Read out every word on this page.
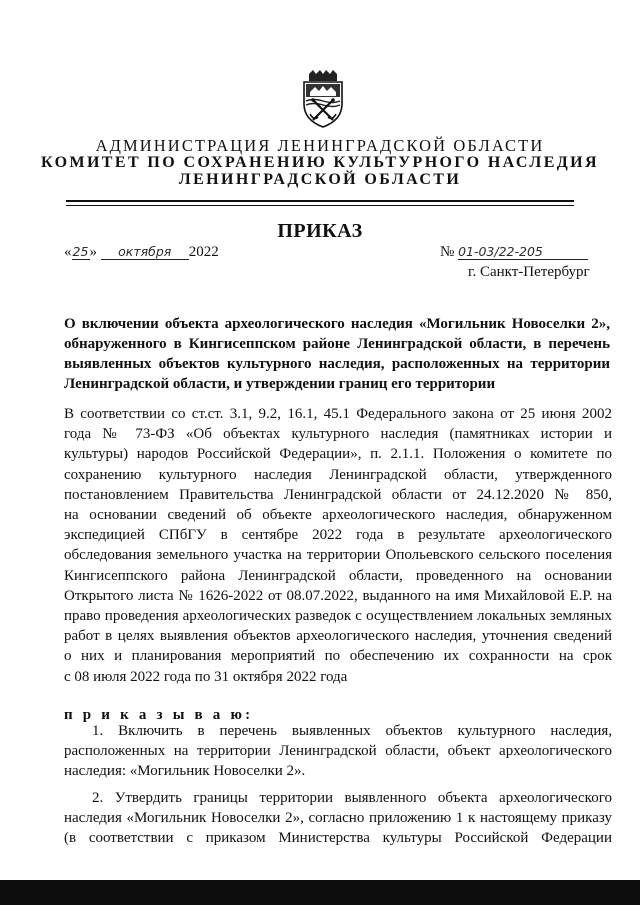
АДМИНИСТРАЦИЯ ЛЕНИНГРАДСКОЙ ОБЛАСТИ
КОМИТЕТ ПО СОХРАНЕНИЮ КУЛЬТУРНОГО НАСЛЕДИЯ
ЛЕНИНГРАДСКОЙ ОБЛАСТИ
ПРИКАЗ
«25» октября 2022	№ 01-03/22-205
г. Санкт-Петербург
О включении объекта археологического наследия «Могильник Новоселки 2»,
обнаруженного в Кингисеппском районе Ленинградской области, в перечень
выявленных объектов культурного наследия, расположенных на территории
Ленинградской области, и утверждении границ его территории
В соответствии со ст.ст. 3.1, 9.2, 16.1, 45.1 Федерального закона от 25 июня 2002
года № 73-ФЗ «Об объектах культурного наследия (памятниках истории и
культуры) народов Российской Федерации», п. 2.1.1. Положения о комитете по
сохранению культурного наследия Ленинградской области, утвержденного
постановлением Правительства Ленинградской области от 24.12.2020 № 850,
на основании сведений об объекте археологического наследия, обнаруженном
экспедицией СПбГУ в сентябре 2022 года в результате археологического
обследования земельного участка на территории Опольевского сельского поселения
Кингисеппского района Ленинградской области, проведенного на основании
Открытого листа № 1626-2022 от 08.07.2022, выданного на имя Михайловой Е.Р. на
право проведения археологических разведок с осуществлением локальных земляных
работ в целях выявления объектов археологического наследия, уточнения сведений
о них и планирования мероприятий по обеспечению их сохранности на срок
с 08 июля 2022 года по 31 октября 2022 года
п р и к а з ы в а ю:
1. Включить в перечень выявленных объектов культурного наследия,
расположенных на территории Ленинградской области, объект археологического
наследия: «Могильник Новоселки 2».
2. Утвердить границы территории выявленного объекта археологического
наследия «Могильник Новоселки 2», согласно приложению 1 к настоящему приказу
(в соответствии с приказом Министерства культуры Российской Федерации
